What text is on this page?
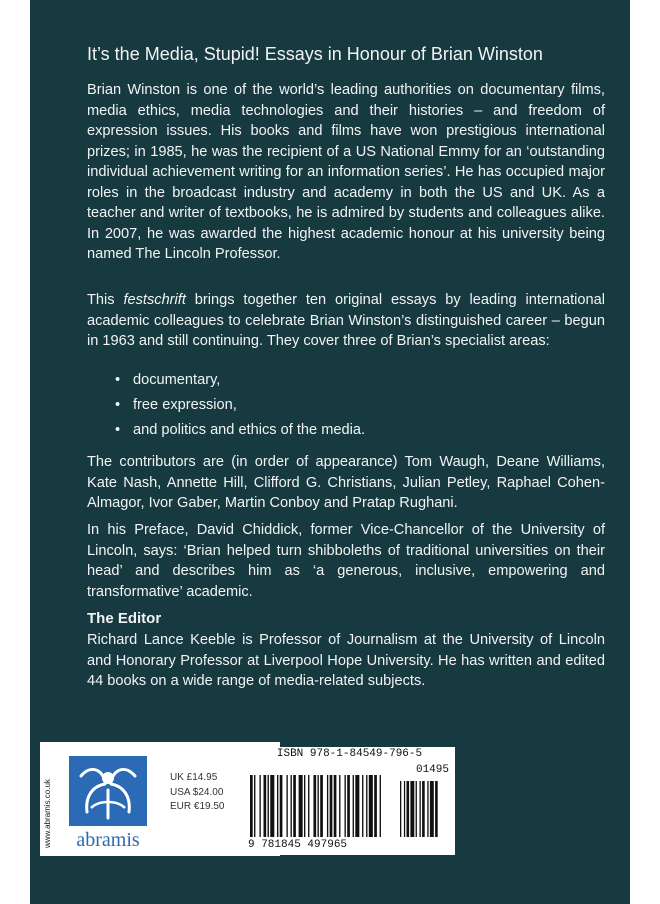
It’s the Media, Stupid! Essays in Honour of Brian Winston

Brian Winston is one of the world’s leading authorities on documentary films, media ethics, media technologies and their histories – and freedom of expression issues. His books and films have won prestigious international prizes; in 1985, he was the recipient of a US National Emmy for an ‘outstanding individual achievement writing for an information series’. He has occupied major roles in the broadcast industry and academy in both the US and UK. As a teacher and writer of textbooks, he is admired by students and colleagues alike. In 2007, he was awarded the highest academic honour at his university being named The Lincoln Professor.

This festschrift brings together ten original essays by leading international academic colleagues to celebrate Brian Winston’s distinguished career – begun in 1963 and still continuing. They cover three of Brian’s specialist areas:

• documentary,
• free expression,
• and politics and ethics of the media.

The contributors are (in order of appearance) Tom Waugh, Deane Williams, Kate Nash, Annette Hill, Clifford G. Christians, Julian Petley, Raphael Cohen-Almagor, Ivor Gaber, Martin Conboy and Pratap Rughani.

In his Preface, David Chiddick, former Vice-Chancellor of the University of Lincoln, says: ‘Brian helped turn shibboleths of traditional universities on their head’ and describes him as ‘a generous, inclusive, empowering and transformative’ academic.

The Editor

Richard Lance Keeble is Professor of Journalism at the University of Lincoln and Honorary Professor at Liverpool Hope University. He has written and edited 44 books on a wide range of media-related subjects.

www.abramis.co.uk	abramis
UK £14.95
USA $24.00
EUR €19.50
ISBN 978-1-84549-796-5
01495
9 781845 497965
